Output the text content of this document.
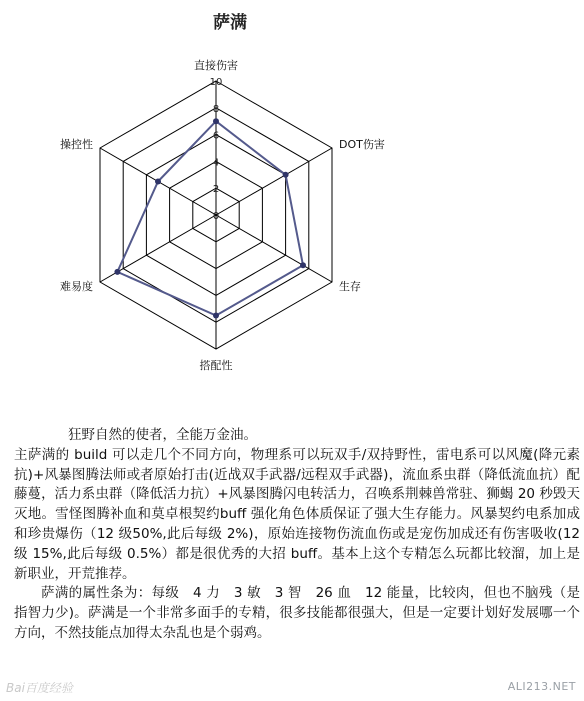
萨满
0
2
4
6
8
10
直接伤害
DOT伤害
生存
搭配性
难易度
操控性

狂野自然的使者，全能万金油。

主萨满的 build 可以走几个不同方向，物理系可以玩双手/双持野性，雷电系可以风魔(降元素抗)+风暴图腾法师或者原始打击(近战双手武器/远程双手武器)，流血系虫群（降低流血抗）配藤蔓，活力系虫群（降低活力抗）+风暴图腾闪电转活力，召唤系荆棘兽常驻、狮蝎 20 秒毁天灭地。雪怪图腾补血和莫卓根契约buff 强化角色体质保证了强大生存能力。风暴契约电系加成和珍贵爆伤（12 级50%,此后每级 2%)，原始连接物伤流血伤或是宠伤加成还有伤害吸收(12 级 15%,此后每级 0.5%）都是很优秀的大招 buff。基本上这个专精怎么玩都比较溜，加上是新职业，开荒推荐。

萨满的属性条为：每级　4 力　3 敏　3 智　26 血　12 能量，比较肉，但也不脑残（是指智力少)。萨满是一个非常多面手的专精，很多技能都很强大，但是一定要计划好发展哪一个方向，不然技能点加得太杂乱也是个弱鸡。

Bai百度经验	ALI213.NET
